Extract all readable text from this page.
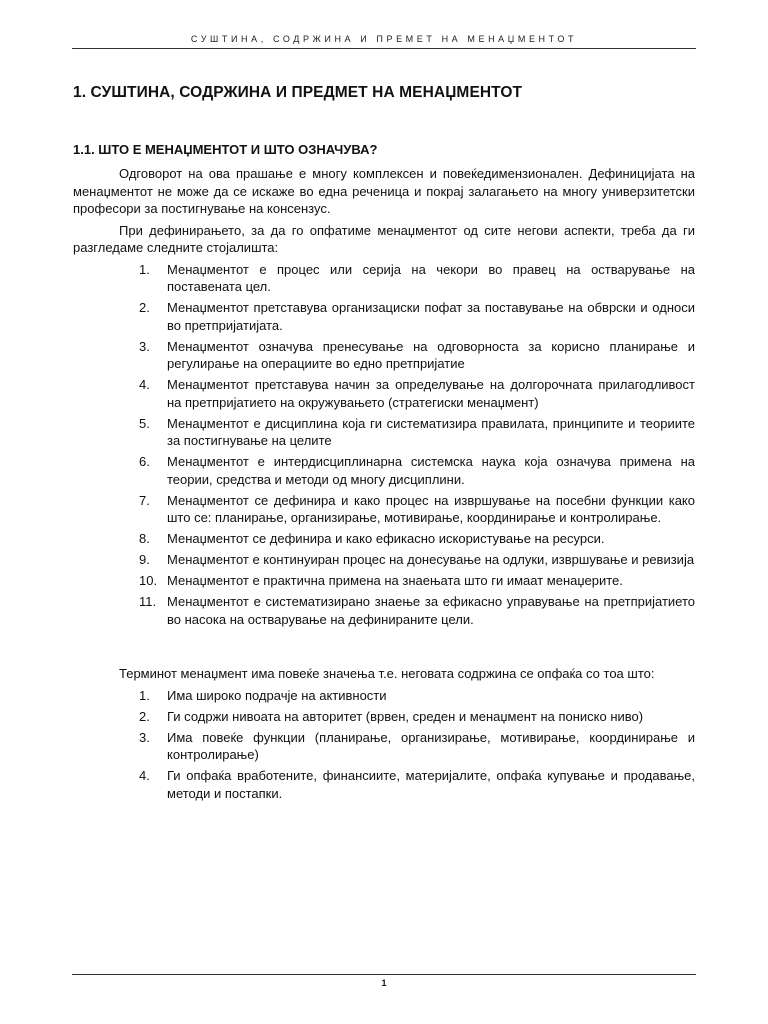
СУШТИНА, СОДРЖИНА И ПРЕМЕТ НА МЕНАЏМЕНТОТ
1. СУШТИНА, СОДРЖИНА И ПРЕДМЕТ НА МЕНАЏМЕНТОТ
1.1. ШТО Е МЕНАЏМЕНТОТ И ШТО ОЗНАЧУВА?

Одговорот на ова прашање е многу комплексен и повеќедимензионален. Дефиницијата на менаџментот не може да се искаже во една реченица и покрај залагањето на многу универзитетски професори за постигнување на консензус.

При дефинирањето, за да го опфатиме менаџментот од сите негови аспекти, треба да ги разгледаме следните стојалишта:

1. Менаџментот е процес или серија на чекори во правец на остварување на поставената цел.
2. Менаџментот претставува организациски пофат за поставување на обврски и односи во претпријатијата.
3. Менаџментот означува пренесување на одговорноста за корисно планирање и регулирање на операциите во едно претпријатие
4. Менаџментот претставува начин за определување на долгорочната прилагодливост на претпријатието на окружувањето (стратегиски менаџмент)
5. Менаџментот е дисциплина која ги систематизира правилата, принципите и теориите за постигнување на целите
6. Менаџментот е интердисциплинарна системска наука која означува примена на теории, средства и методи од многу дисциплини.
7. Менаџментот се дефинира и како процес на извршување на посебни функции како што се: планирање, организирање, мотивирање, координирање и контролирање.
8. Менаџментот се дефинира и како ефикасно искористување на ресурси.
9. Менаџментот е континуиран процес на донесување на одлуки, извршување и ревизија
10. Менаџментот е практична примена на знаењата што ги имаат менаџерите.
11. Менаџментот е систематизирано знаење за ефикасно управување на претпријатието во насока на остварување на дефинираните цели.

Терминот менаџмент има повеќе значења т.е. неговата содржина се опфаќа со тоа што:

1. Има широко подрачје на активности
2. Ги содржи нивоата на авторитет (врвен, среден и менаџмент на пониско ниво)
3. Има повеќе функции (планирање, организирање, мотивирање, координирање и контролирање)
4. Ги опфаќа вработените, финансиите, материјалите, опфаќа купување и продавање, методи и постапки.
1
